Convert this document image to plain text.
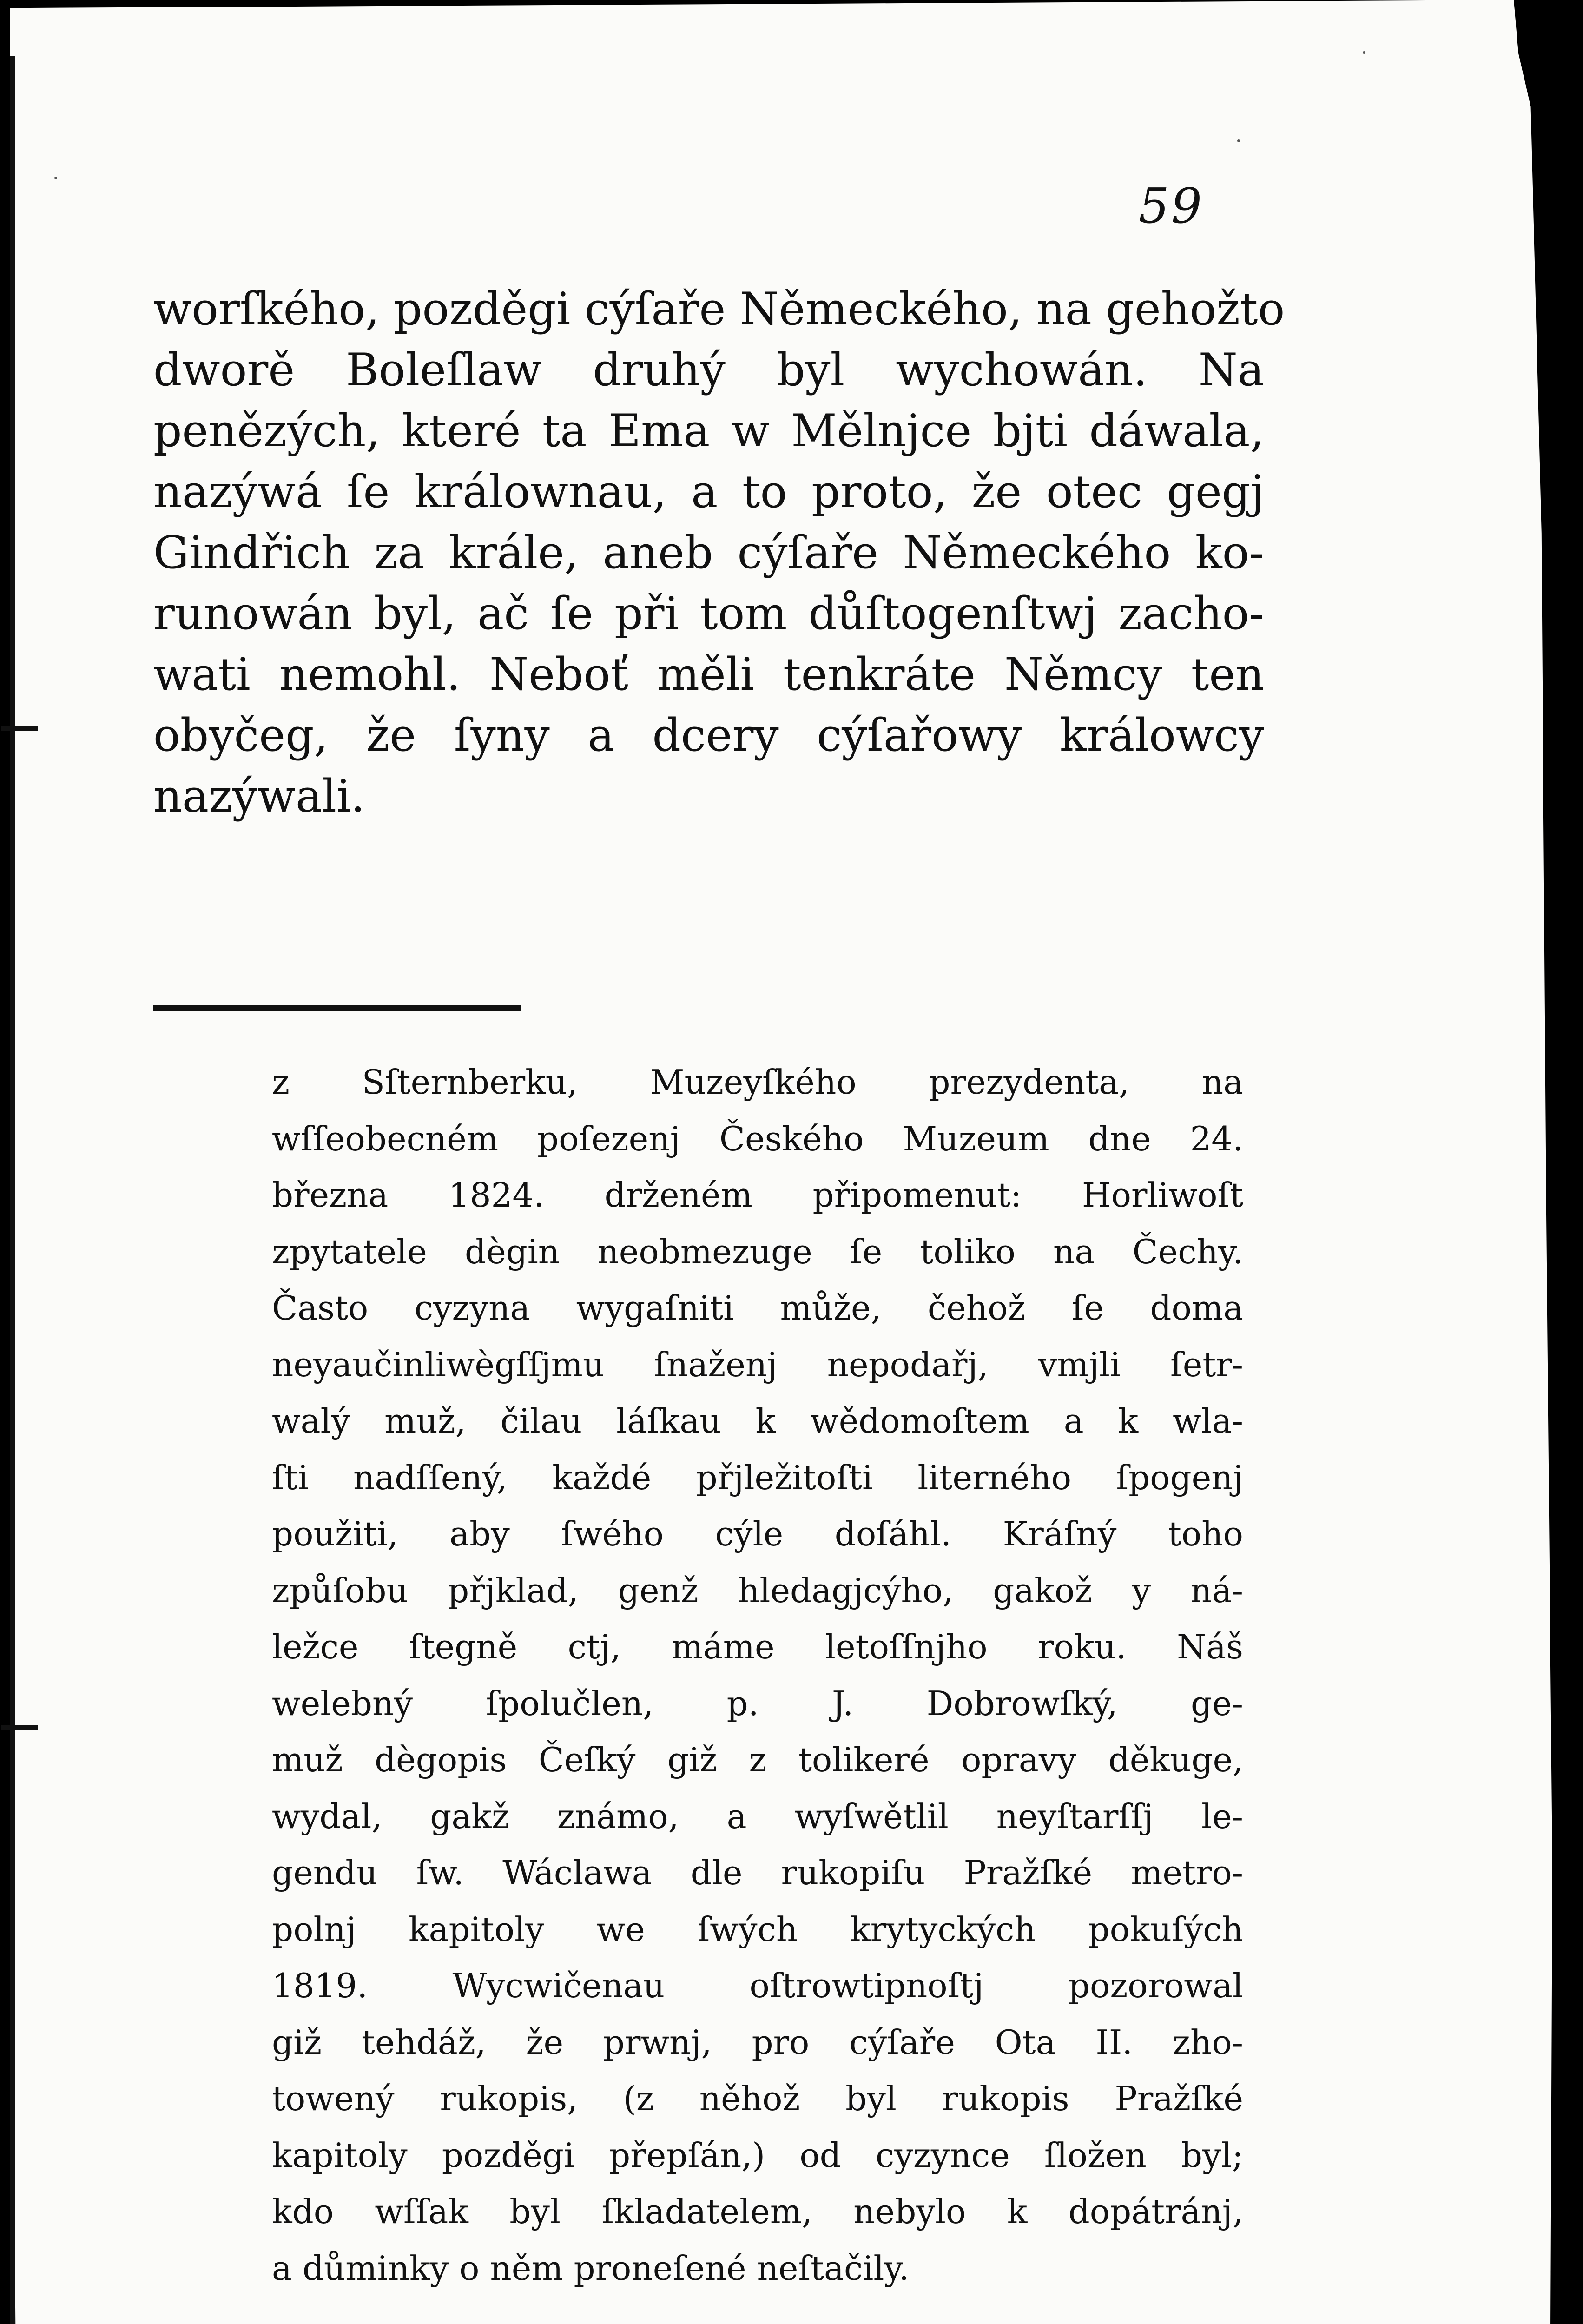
59

worſkého, pozděgi cýſaře Německého, na gehožto
dworě Boleſlaw druhý byl wychowán. Na
penězých, které ta Ema w Mělnjce bjti dáwala,
nazýwá ſe králownau, a to proto, že otec gegj
Gindřich za krále, aneb cýſaře Německého ko-
runowán byl, ač ſe při tom důſtogenſtwj zacho-
wati nemohl. Neboť měli tenkráte Němcy ten
obyčeg, že ſyny a dcery cýſařowy králowcy
nazýwali.

z Sſternberku, Muzeyſkého prezydenta, na
wſſeobecném poſezenj Českého Muzeum dne 24.
března 1824. drženém připomenut: Horliwoſt
zpytatele dègin neobmezuge ſe toliko na Čechy.
Často cyzyna wygaſniti může, čehož ſe doma
neyaučinliwègſſjmu ſnaženj nepodařj, vmjli ſetr-
walý muž, čilau láſkau k wědomoſtem a k wla-
ſti nadſſený, každé přjležitoſti literného ſpogenj
použiti, aby ſwého cýle doſáhl. Kráſný toho
způſobu přjklad, genž hledagjcýho, gakož y ná-
ležce ſtegně ctj, máme letoſſnjho roku. Náš
welebný ſpolučlen, p. J. Dobrowſký, ge-
muž dègopis Čeſký giž z tolikeré opravy děkuge,
wydal, gakž známo, a wyſwětlil neyſtarſſj le-
gendu ſw. Wáclawa dle rukopiſu Pražſké metro-
polnj kapitoly we ſwých krytyckých pokuſých
1819. Wycwičenau oſtrowtipnoſtj pozorowal
giž tehdáž, že prwnj, pro cýſaře Ota II. zho-
towený rukopis, (z něhož byl rukopis Pražſké
kapitoly pozděgi přepſán,) od cyzynce ſložen byl;
kdo wſſak byl ſkladatelem, nebylo k dopátránj,
a důminky o něm proneſené neſtačily.
